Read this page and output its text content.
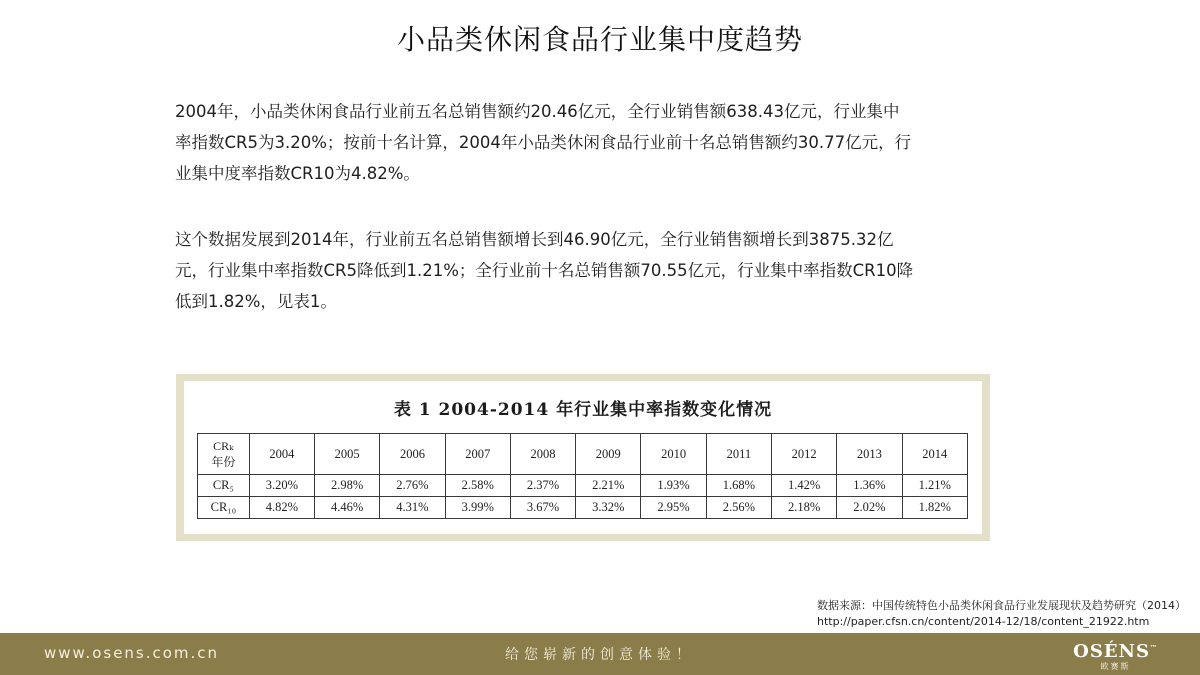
小品类休闲食品行业集中度趋势

2004年，小品类休闲食品行业前五名总销售额约20.46亿元，全行业销售额638.43亿元，行业集中率指数CR5为3.20%；按前十名计算，2004年小品类休闲食品行业前十名总销售额约30.77亿元，行业集中度率指数CR10为4.82%。

这个数据发展到2014年，行业前五名总销售额增长到46.90亿元，全行业销售额增长到3875.32亿元，行业集中率指数CR5降低到1.21%；全行业前十名总销售额70.55亿元，行业集中率指数CR10降低到1.82%，见表1。

表 1 2004-2014 年行业集中率指数变化情况
CRₖ
年份	2004	2005	2006	2007	2008	2009	2010	2011	2012	2013	2014
CR₅	3.20%	2.98%	2.76%	2.58%	2.37%	2.21%	1.93%	1.68%	1.42%	1.36%	1.21%
CR₁₀	4.82%	4.46%	4.31%	3.99%	3.67%	3.32%	2.95%	2.56%	2.18%	2.02%	1.82%
数据来源：中国传统特色小品类休闲食品行业发展现状及趋势研究（2014）
http://paper.cfsn.cn/content/2014-12/18/content_21922.htm
www.osens.com.cn	给您崭新的创意体验！	OSÉNS™
欧赛斯
